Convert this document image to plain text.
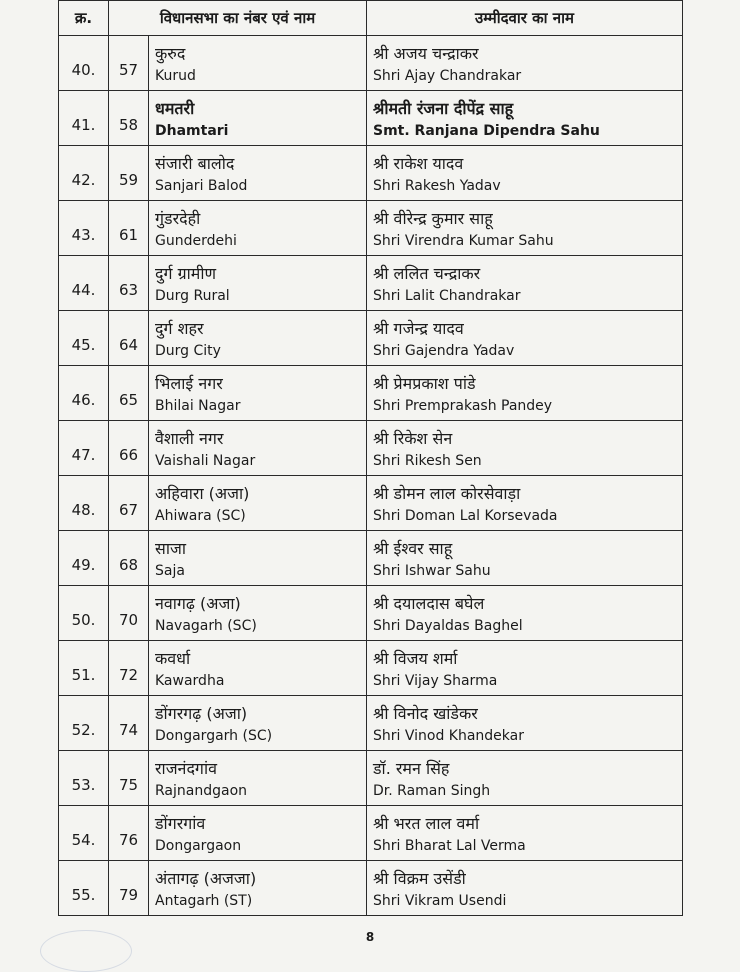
क्र.	विधानसभा का नंबर एवं नाम		उम्मीदवार का नाम
40.	57	कुरुद
Kurud	श्री अजय चन्द्राकर
Shri Ajay Chandrakar

41.	58	धमतरी
Dhamtari	श्रीमती रंजना दीपेंद्र साहू
Smt. Ranjana Dipendra Sahu

42.	59	संजारी बालोद
Sanjari Balod	श्री राकेश यादव
Shri Rakesh Yadav

43.	61	गुंडरदेही
Gunderdehi	श्री वीरेन्द्र कुमार साहू
Shri Virendra Kumar Sahu

44.	63	दुर्ग ग्रामीण
Durg Rural	श्री ललित चन्द्राकर
Shri Lalit Chandrakar

45.	64	दुर्ग शहर
Durg City	श्री गजेन्द्र यादव
Shri Gajendra Yadav

46.	65	भिलाई नगर
Bhilai Nagar	श्री प्रेमप्रकाश पांडे
Shri Premprakash Pandey

47.	66	वैशाली नगर
Vaishali Nagar	श्री रिकेश सेन
Shri Rikesh Sen

48.	67	अहिवारा (अजा)
Ahiwara (SC)	श्री डोमन लाल कोरसेवाड़ा
Shri Doman Lal Korsevada

49.	68	साजा
Saja	श्री ईश्वर साहू
Shri Ishwar Sahu

50.	70	नवागढ़ (अजा)
Navagarh (SC)	श्री दयालदास बघेल
Shri Dayaldas Baghel

51.	72	कवर्धा
Kawardha	श्री विजय शर्मा
Shri Vijay Sharma

52.	74	डोंगरगढ़ (अजा)
Dongargarh (SC)	श्री विनोद खांडेकर
Shri Vinod Khandekar

53.	75	राजनंदगांव
Rajnandgaon	डॉ. रमन सिंह
Dr. Raman Singh

54.	76	डोंगरगांव
Dongargaon	श्री भरत लाल वर्मा
Shri Bharat Lal Verma

55.	79	अंतागढ़ (अजजा)
Antagarh (ST)	श्री विक्रम उसेंडी
Shri Vikram Usendi
8
